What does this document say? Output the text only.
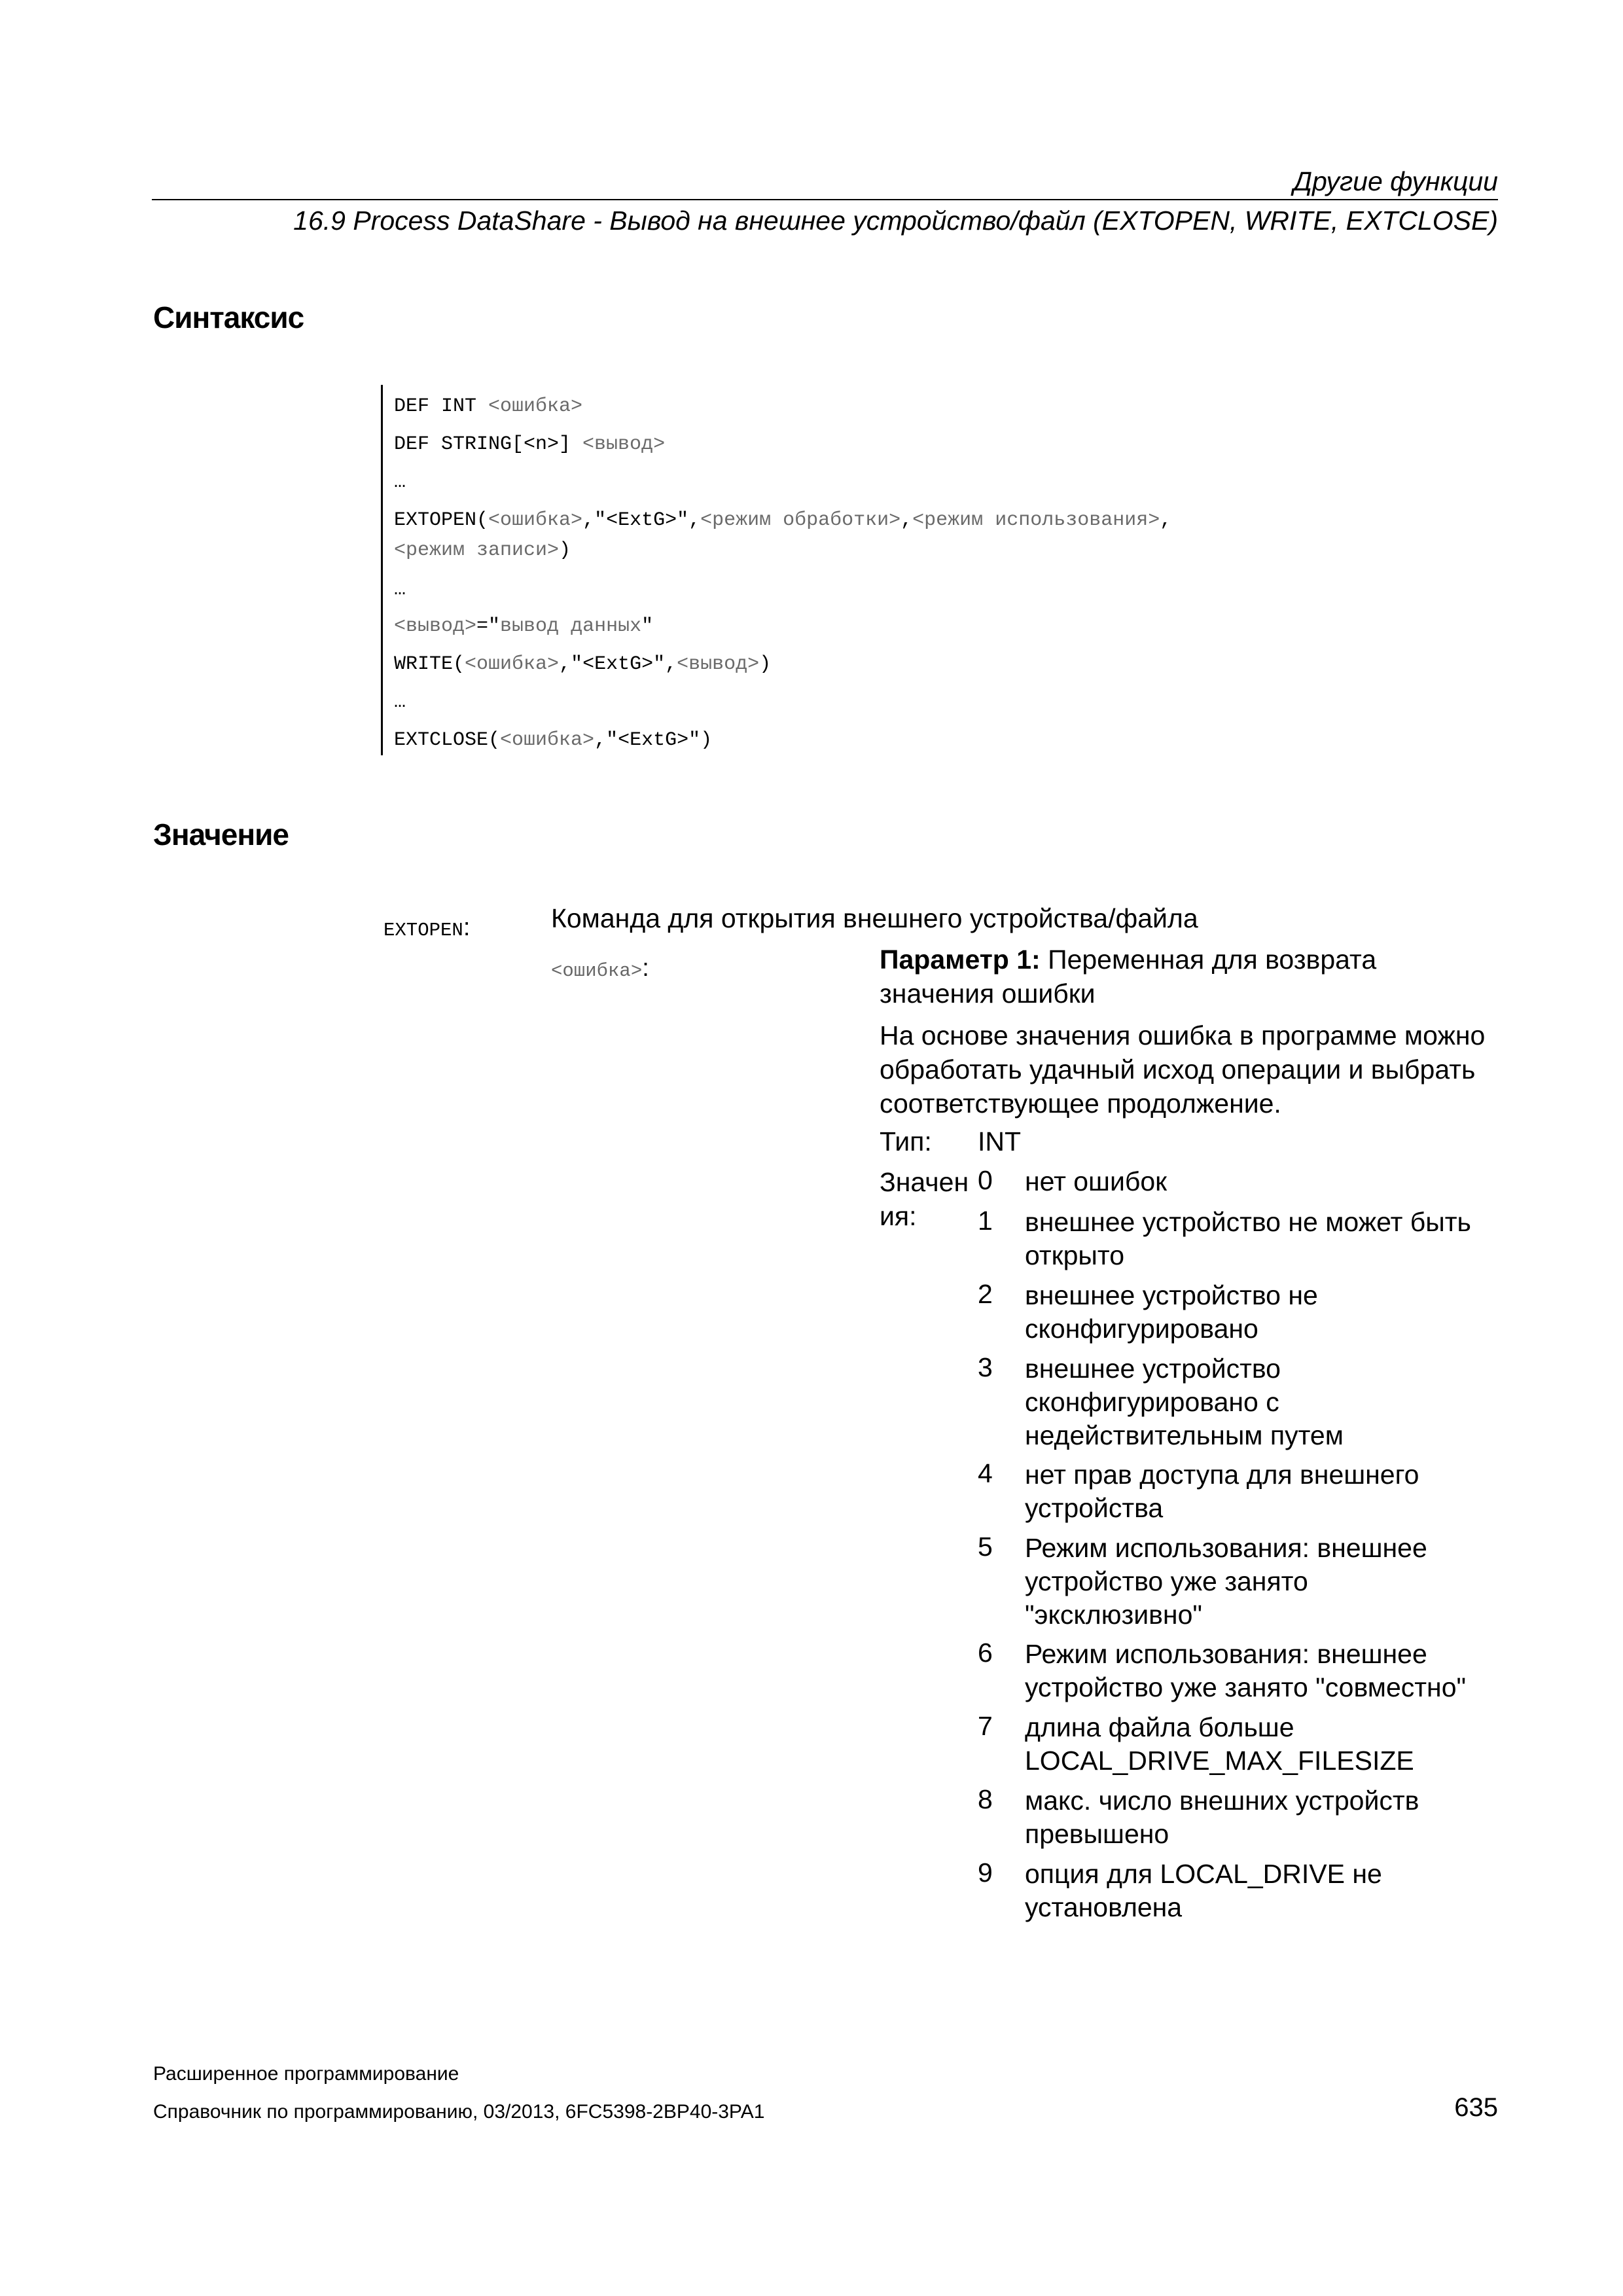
Другие функции
16.9 Process DataShare - Вывод на внешнее устройство/файл (EXTOPEN, WRITE, EXTCLOSE)
Синтаксис
DEF INT <ошибка>
DEF STRING[<n>] <вывод>
…
EXTOPEN(<ошибка>,"<ExtG>",<режим обработки>,<режим использования>,
<режим записи>)
…
<вывод>="вывод данных"
WRITE(<ошибка>,"<ExtG>",<вывод>)
…
EXTCLOSE(<ошибка>,"<ExtG>")
Значение
EXTOPEN:	Команда для открытия внешнего устройства/файла
<ошибка>:	Параметр 1: Переменная для возврата
значения ошибки
На основе значения ошибка в программе можно
обработать удачный исход операции и выбрать
соответствующее продолжение.
Тип: INT
Значен
ия:
0 нет ошибок
1 внешнее устройство не может быть
открыто
2 внешнее устройство не
сконфигурировано
3 внешнее устройство
сконфигурировано с
недействительным путем
4 нет прав доступа для внешнего
устройства
5 Режим использования: внешнее
устройство уже занято
"эксклюзивно"
6 Режим использования: внешнее
устройство уже занято "совместно"
7 длина файла больше
LOCAL_DRIVE_MAX_FILESIZE
8 макс. число внешних устройств
превышено
9 опция для LOCAL_DRIVE не
установлена
Расширенное программирование
Справочник по программированию, 03/2013, 6FC5398-2BP40-3PA1	635
